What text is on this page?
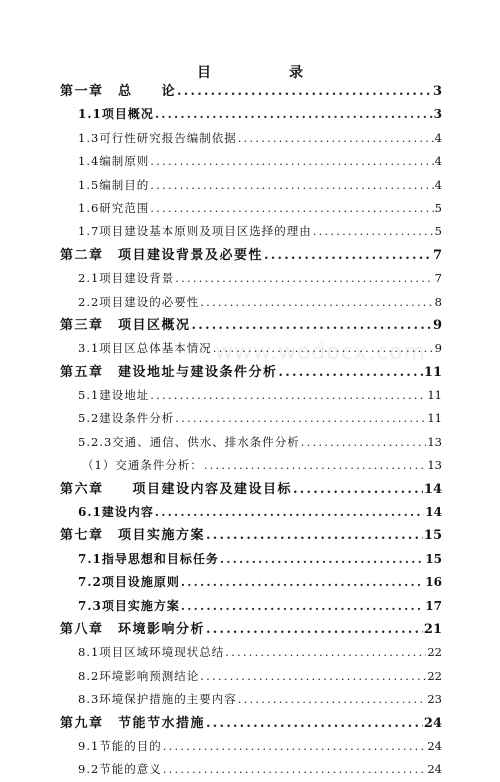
目　录
第一章　总　　论 .....	3
1.1项目概况 .....	3
1.3可行性研究报告编制依据 .....	4
1.4编制原则 .....	4
1.5编制目的 .....	4
1.6研究范围 .....	5
1.7项目建设基本原则及项目区选择的理由 .....	5
第二章　项目建设背景及必要性 .....	7
2.1项目建设背景 .....	7
2.2项目建设的必要性 .....	8
第三章　项目区概况 .....	9
3.1项目区总体基本情况 .....	9
第五章　建设地址与建设条件分析 .....	11
5.1建设地址 .....	11
5.2建设条件分析 .....	11
5.2.3交通、通信、供水、排水条件分析 .....	13
（1）交通条件分析： .....	13
第六章　　项目建设内容及建设目标 .....	14
6.1建设内容 .....	14
第七章　项目实施方案 .....	15
7.1指导思想和目标任务 .....	15
7.2项目设施原则 .....	16
7.3项目实施方案 .....	17
第八章　环境影响分析 .....	21
8.1项目区域环境现状总结 .....	22
8.2环境影响预测结论 .....	22
8.3环境保护措施的主要内容 .....	23
第九章　节能节水措施 .....	24
9.1节能的目的 .....	24
9.2节能的意义 .....	24
www.wodocx.com
